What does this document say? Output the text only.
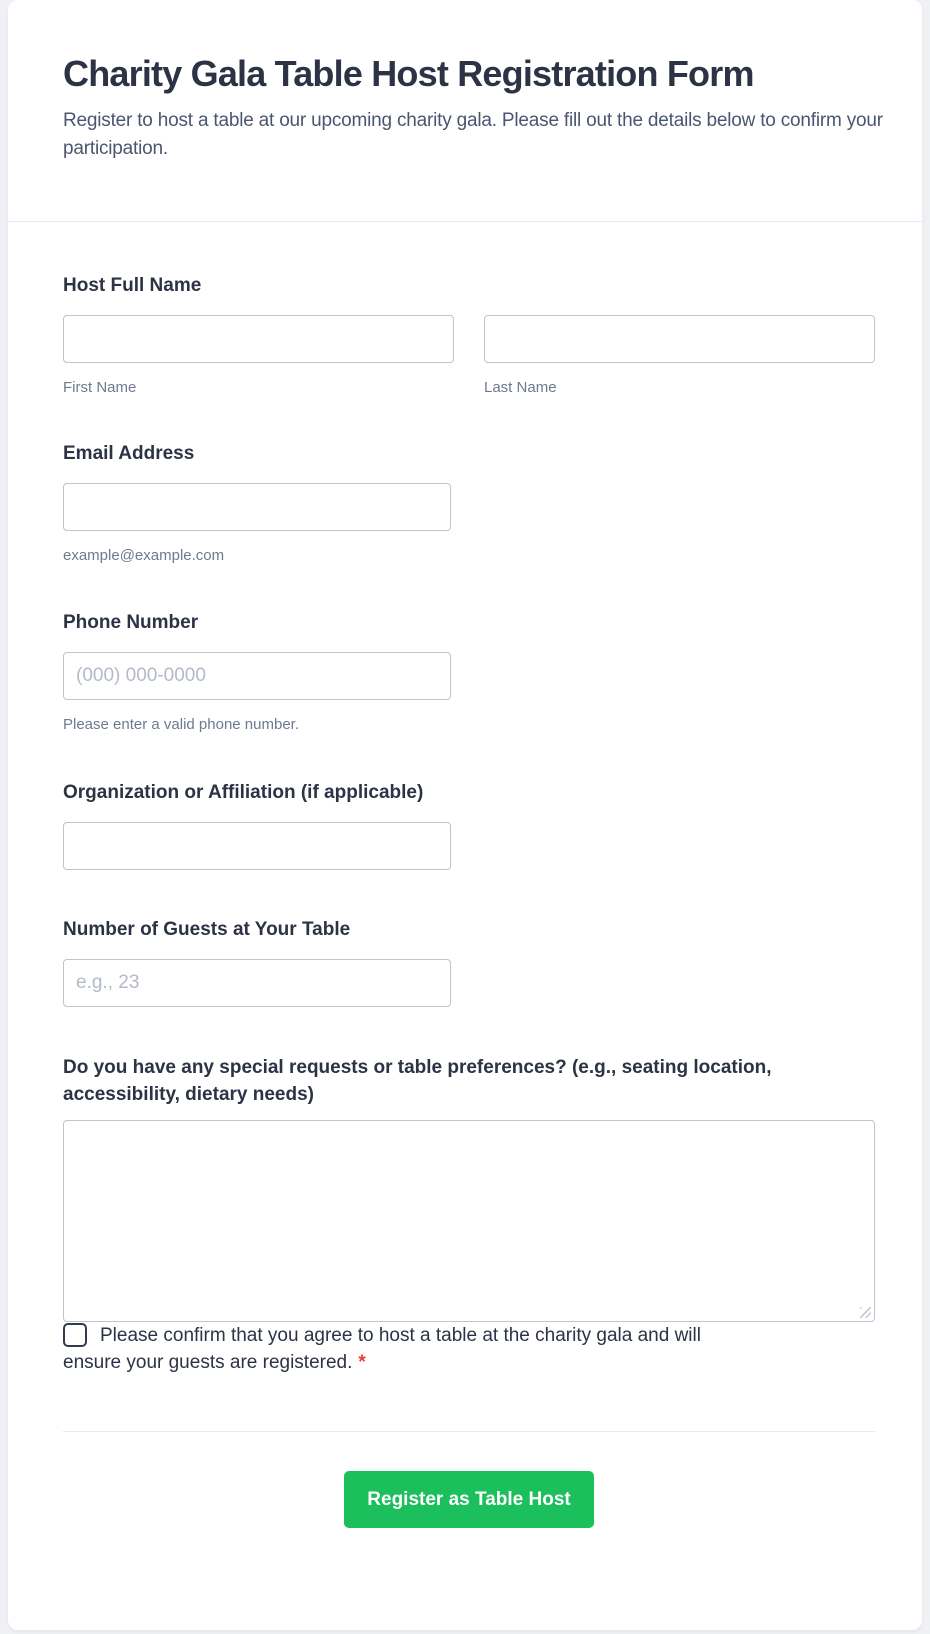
Charity Gala Table Host Registration Form

Register to host a table at our upcoming charity gala. Please fill out the details below to confirm your participation.

Host Full Name
First Name	Last Name
Email Address
example@example.com
Phone Number
(000) 000-0000
Please enter a valid phone number.
Organization or Affiliation (if applicable)
Number of Guests at Your Table
e.g., 23
Do you have any special requests or table preferences? (e.g., seating location, accessibility, dietary needs)
Please confirm that you agree to host a table at the charity gala and will
ensure your guests are registered. *
Register as Table Host
